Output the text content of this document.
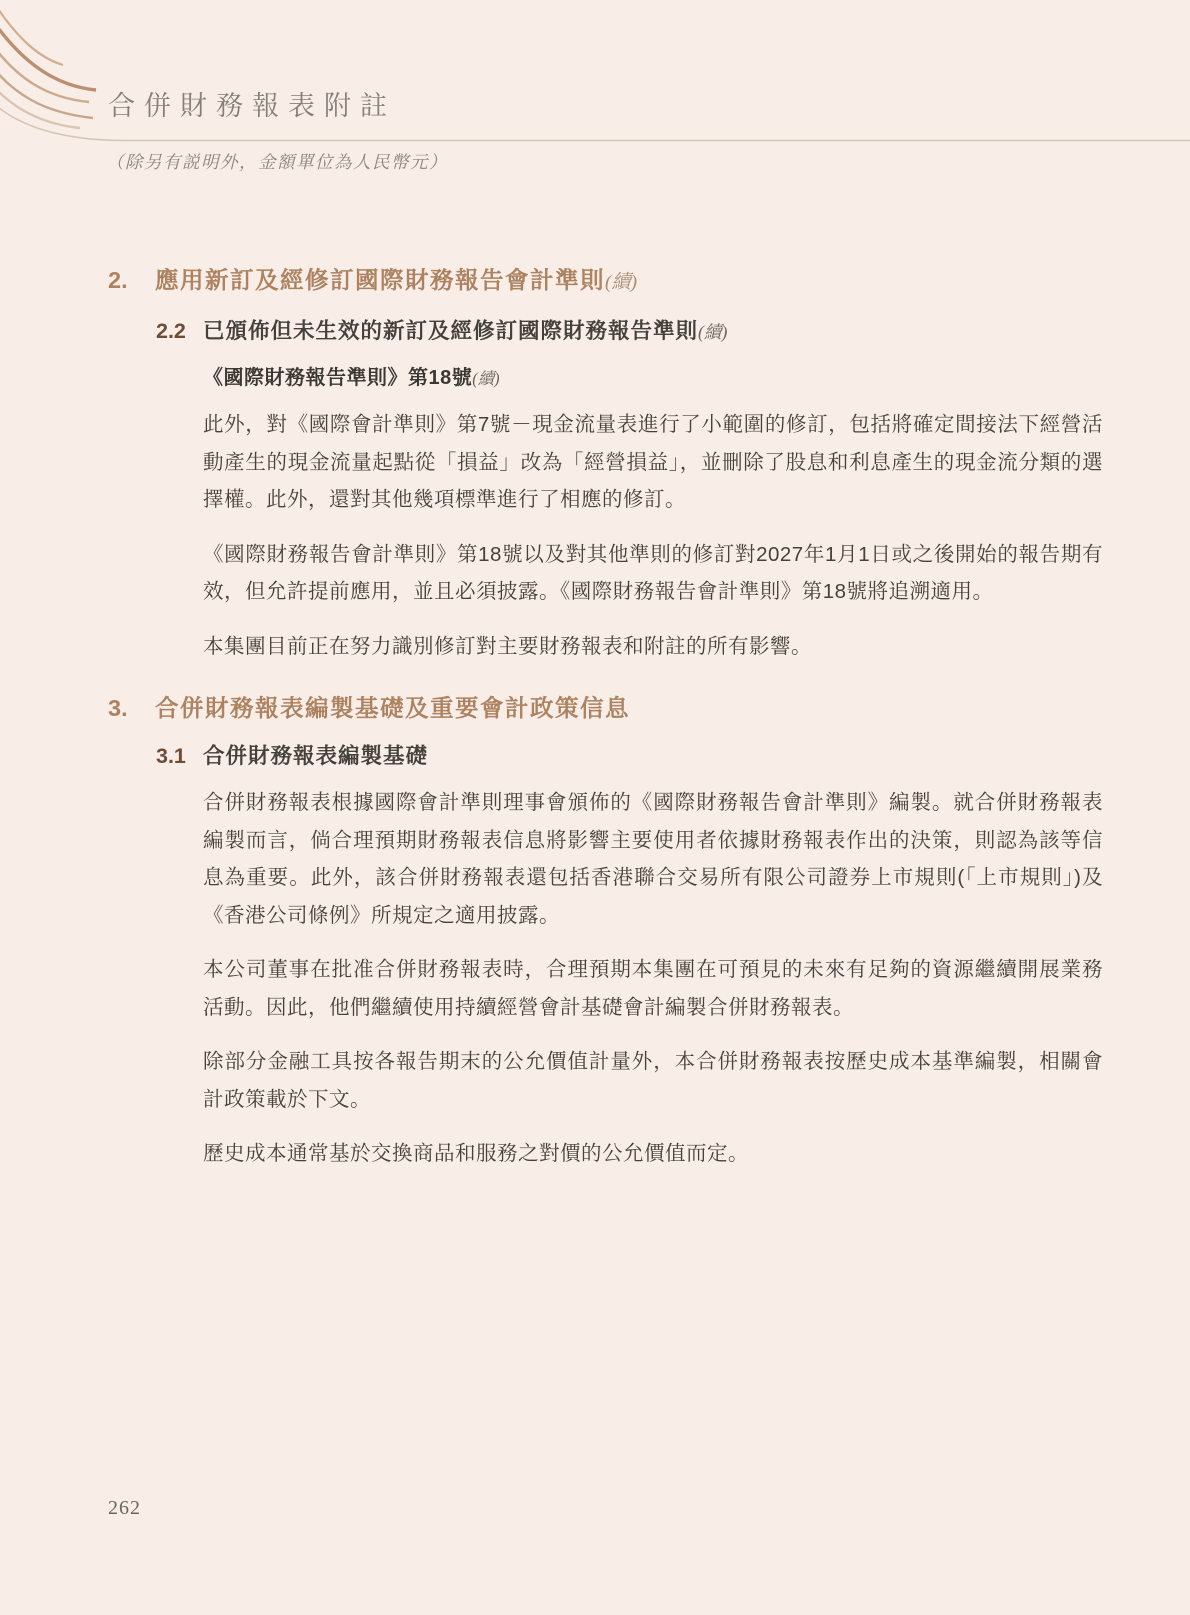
合併財務報表附註
（除另有説明外，金額單位為人民幣元）
2.	應用新訂及經修訂國際財務報告會計準則(續)
2.2 已頒佈但未生效的新訂及經修訂國際財務報告準則(續)
《國際財務報告準則》第18號(續)

此外，對《國際會計準則》第7號－現金流量表進行了小範圍的修訂，包括將確定間接法下經營活動產生的現金流量起點從「損益」改為「經營損益」，並刪除了股息和利息產生的現金流分類的選擇權。此外，還對其他幾項標準進行了相應的修訂。

《國際財務報告會計準則》第18號以及對其他準則的修訂對2027年1月1日或之後開始的報告期有效，但允許提前應用，並且必須披露。《國際財務報告會計準則》第18號將追溯適用。

本集團目前正在努力識別修訂對主要財務報表和附註的所有影響。

3.	合併財務報表編製基礎及重要會計政策信息
3.1 合併財務報表編製基礎

合併財務報表根據國際會計準則理事會頒佈的《國際財務報告會計準則》編製。就合併財務報表編製而言，倘合理預期財務報表信息將影響主要使用者依據財務報表作出的決策，則認為該等信息為重要。此外，該合併財務報表還包括香港聯合交易所有限公司證券上市規則(「上市規則」)及《香港公司條例》所規定之適用披露。

本公司董事在批准合併財務報表時，合理預期本集團在可預見的未來有足夠的資源繼續開展業務活動。因此，他們繼續使用持續經營會計基礎會計編製合併財務報表。

除部分金融工具按各報告期末的公允價值計量外，本合併財務報表按歷史成本基準編製，相關會計政策載於下文。

歷史成本通常基於交換商品和服務之對價的公允價值而定。

262
